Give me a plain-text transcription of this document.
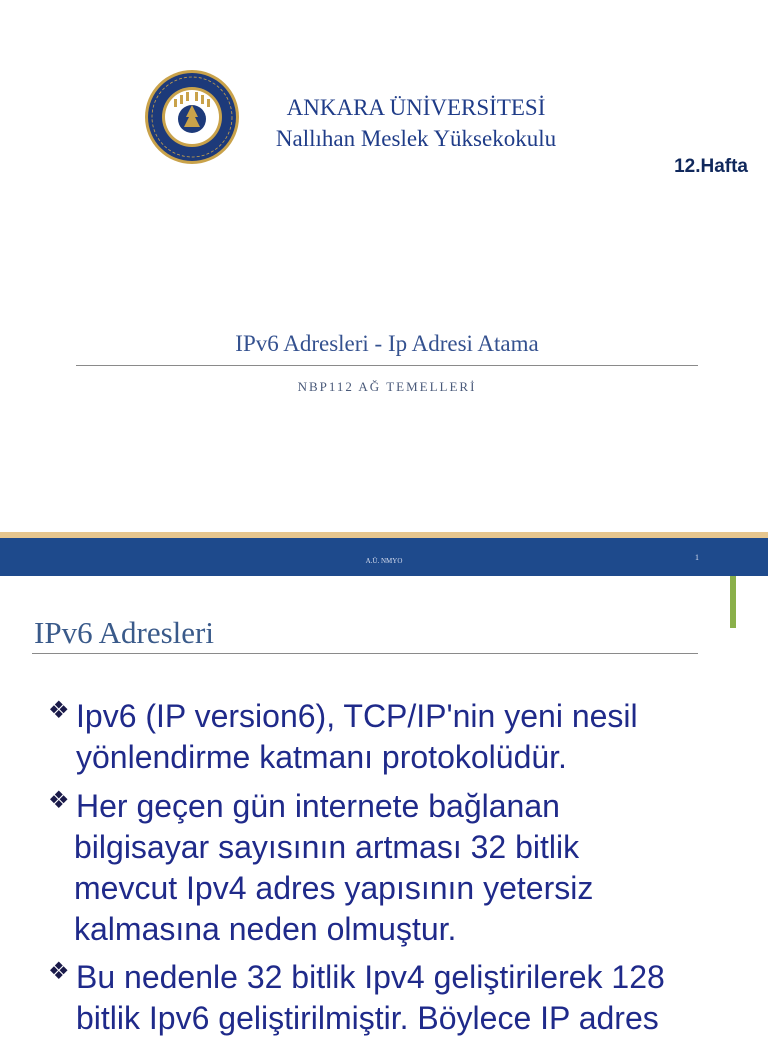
ANKARA ÜNİVERSİTESİ
Nallıhan Meslek Yüksekokulu
12.Hafta
IPv6 Adresleri - Ip Adresi Atama
NBP112 AĞ TEMELLERİ
A.Ü. NMYO	1
IPv6 Adresleri
❖ Ipv6 (IP version6), TCP/IP'nin yeni nesil
yönlendirme katmanı protokolüdür.
❖ Her geçen gün internete bağlanan
bilgisayar sayısının artması 32 bitlik
mevcut Ipv4 adres yapısının yetersiz
kalmasına neden olmuştur.
❖ Bu nedenle 32 bitlik Ipv4 geliştirilerek 128
bitlik Ipv6 geliştirilmiştir. Böylece IP adres
